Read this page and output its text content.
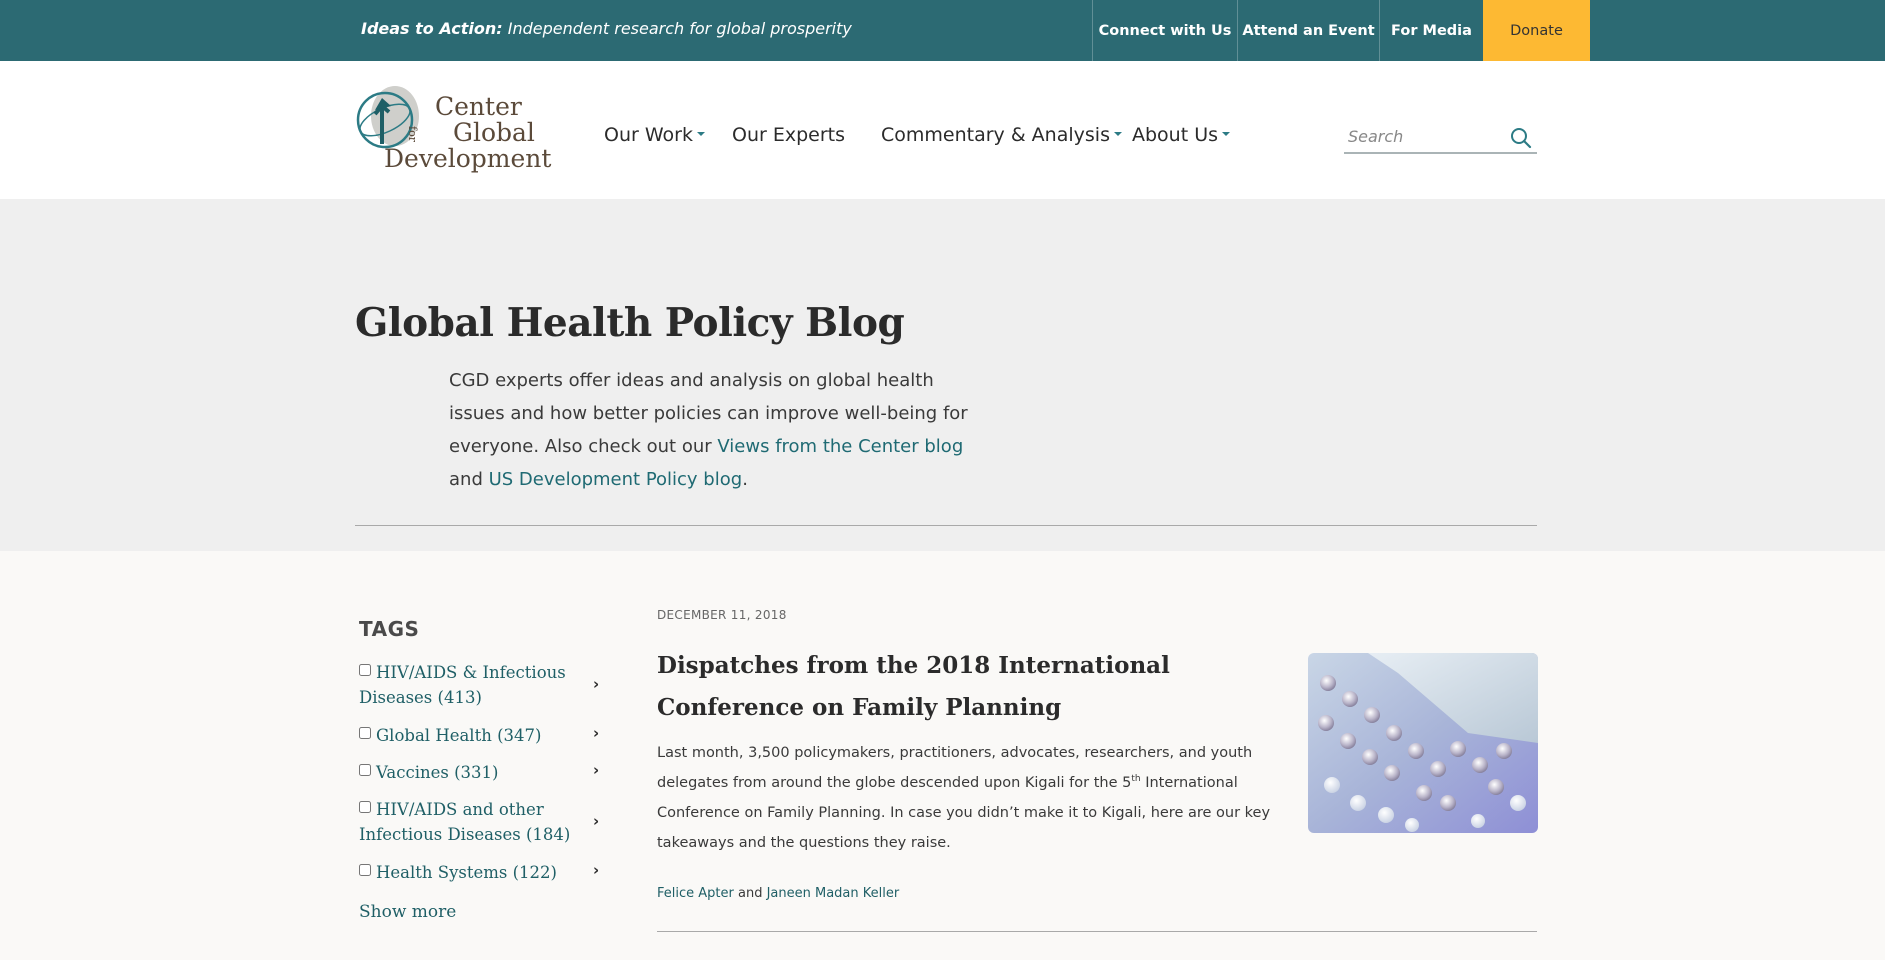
Ideas to Action: Independent research for global prosperity	Connect with Us Attend an Event	For Media	Donate
Center
for Global
Development
Our Work	Our Experts Commentary & Analysis	About Us
Search
Global Health Policy Blog

CGD experts offer ideas and analysis on global health issues and how better policies can improve well-being for everyone. Also check out our Views from the Center blog and US Development Policy blog.

TAGS
HIV/AIDS & Infectious Diseases (413)
›
Global Health (347)	›
Vaccines (331)	›
HIV/AIDS and other Infectious Diseases (184)
›
Health Systems (122)	›
Show more
DECEMBER 11, 2018
Dispatches from the 2018 International Conference on Family Planning

Last month, 3,500 policymakers, practitioners, advocates, researchers, and youth delegates from around the globe descended upon Kigali for the 5th International Conference on Family Planning. In case you didn’t make it to Kigali, here are our key takeaways and the questions they raise.

Felice Apter and Janeen Madan Keller
